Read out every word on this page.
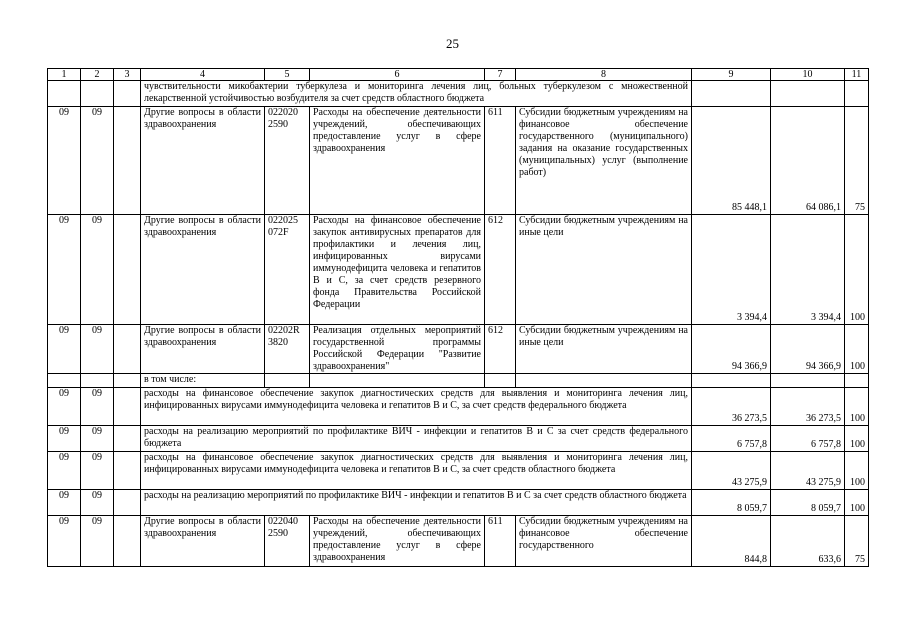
25
1	2	3	4	5	6	7	8	9	10	11
			чувствительности микобактерии туберкулеза и мониторинга лечения лиц, больных туберкулезом с множественной лекарственной устойчивостью возбудителя за счет средств областного бюджета							
09	09		Другие вопросы в области здравоохранения	022020 2590	Расходы на обеспечение деятельности учреждений, обеспечивающих предоставление услуг в сфере здравоохранения	611	Субсидии бюджетным учреждениям на финансовое обеспечение государственного (муниципального) задания на оказание государственных (муниципальных) услуг (выполнение работ)	85 448,1	64 086,1	75
09	09		Другие вопросы в области здравоохранения	022025 072F	Расходы на финансовое обеспечение закупок антивирусных препаратов для профилактики и лечения лиц, инфицированных вирусами иммунодефицита человека и гепатитов В и С, за счет средств резервного фонда Правительства Российской Федерации	612	Субсидии бюджетным учреждениям на иные цели	3 394,4	3 394,4	100
09	09		Другие вопросы в области здравоохранения	02202R 3820	Реализация отдельных мероприятий государственной программы Российской Федерации "Развитие здравоохранения"	612	Субсидии бюджетным учреждениям на иные цели	94 366,9	94 366,9	100
			в том числе:							
09	09		расходы на финансовое обеспечение закупок диагностических средств для выявления и мониторинга лечения лиц, инфицированных вирусами иммунодефицита человека и гепатитов В и С, за счет средств федерального бюджета					36 273,5	36 273,5	100
09	09		расходы на реализацию мероприятий по профилактике ВИЧ - инфекции и гепатитов В и С за счет средств федерального бюджета					6 757,8	6 757,8	100
09	09		расходы на финансовое обеспечение закупок диагностических средств для выявления и мониторинга лечения лиц, инфицированных вирусами иммунодефицита человека и гепатитов В и С, за счет средств областного бюджета					43 275,9	43 275,9	100
09	09		расходы на реализацию мероприятий по профилактике ВИЧ - инфекции и гепатитов В и С за счет средств областного бюджета					8 059,7	8 059,7	100
09	09		Другие вопросы в области здравоохранения	022040 2590	Расходы на обеспечение деятельности учреждений, обеспечивающих предоставление услуг в сфере здравоохранения	611	Субсидии бюджетным учреждениям на финансовое обеспечение государственного	844,8	633,6	75
